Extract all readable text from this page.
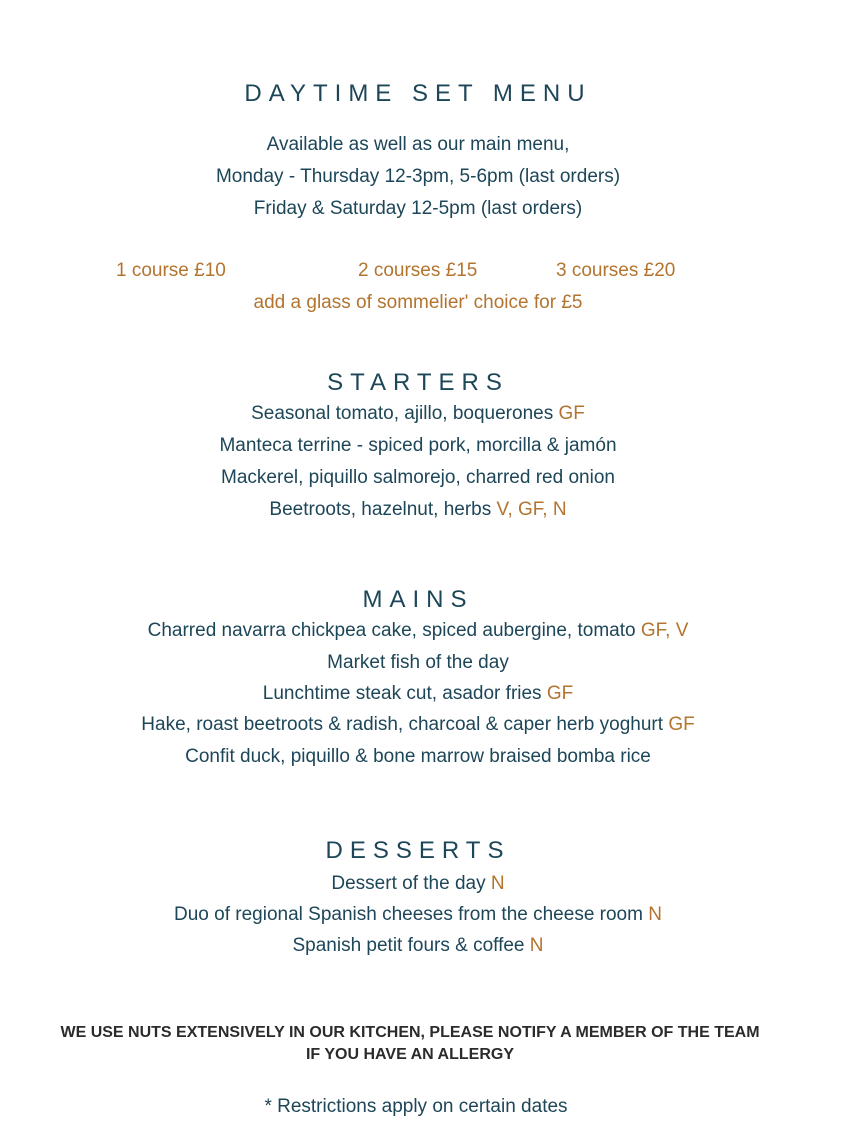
DAYTIME SET MENU
Available as well as our main menu,
Monday - Thursday 12-3pm, 5-6pm (last orders)
Friday & Saturday 12-5pm (last orders)
1 course £10	2 courses £15	3 courses £20
add a glass of sommelier' choice for £5
STARTERS
Seasonal tomato, ajillo, boquerones GF
Manteca terrine - spiced pork, morcilla & jamón
Mackerel, piquillo salmorejo, charred red onion
Beetroots, hazelnut, herbs V, GF, N
MAINS
Charred navarra chickpea cake, spiced aubergine, tomato GF, V
Market fish of the day
Lunchtime steak cut, asador fries GF
Hake, roast beetroots & radish, charcoal & caper herb yoghurt GF
Confit duck, piquillo & bone marrow braised bomba rice
DESSERTS
Dessert of the day N
Duo of regional Spanish cheeses from the cheese room N
Spanish petit fours & coffee N
WE USE NUTS EXTENSIVELY IN OUR KITCHEN, PLEASE NOTIFY A MEMBER OF THE TEAM
IF YOU HAVE AN ALLERGY
* Restrictions apply on certain dates
